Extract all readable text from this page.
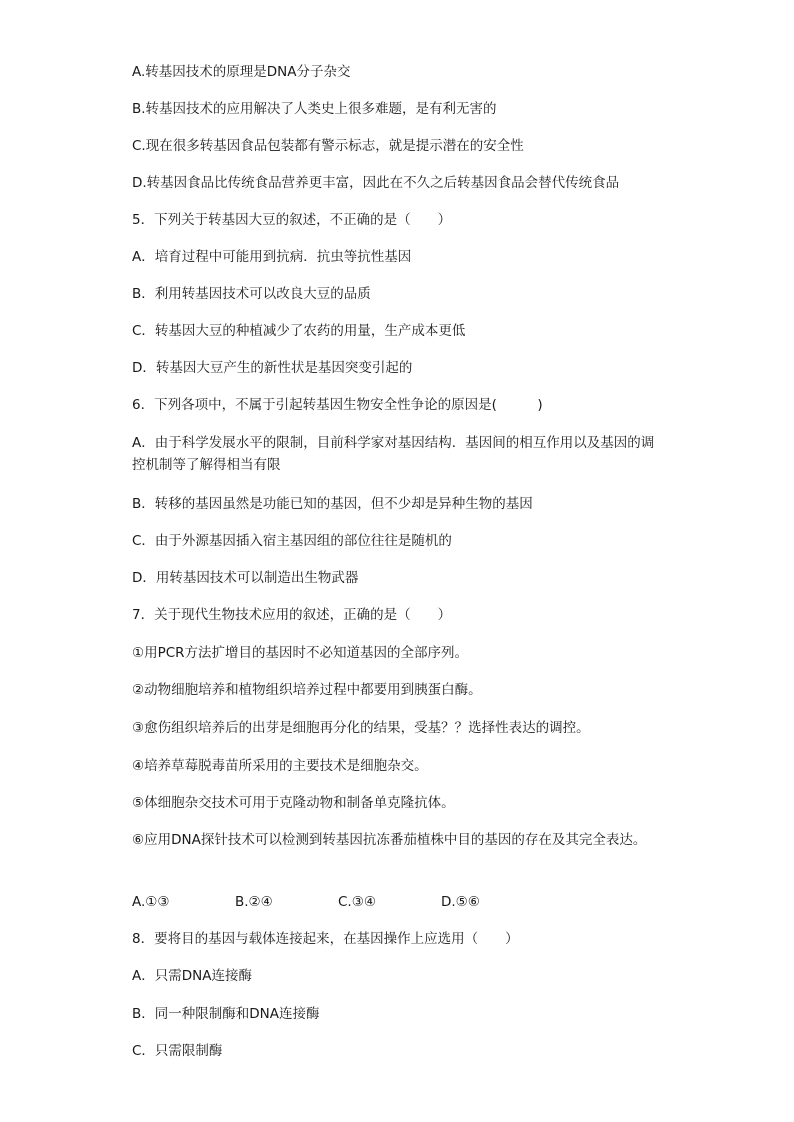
A.转基因技术的原理是DNA分子杂交
B.转基因技术的应用解决了人类史上很多难题，是有利无害的
C.现在很多转基因食品包装都有警示标志，就是提示潜在的安全性
D.转基因食品比传统食品营养更丰富，因此在不久之后转基因食品会替代传统食品
5．下列关于转基因大豆的叙述，不正确的是（　　）
A．培育过程中可能用到抗病．抗虫等抗性基因
B．利用转基因技术可以改良大豆的品质
C．转基因大豆的种植减少了农药的用量，生产成本更低
D．转基因大豆产生的新性状是基因突变引起的
6．下列各项中，不属于引起转基因生物安全性争论的原因是(　　　)
A．由于科学发展水平的限制，目前科学家对基因结构．基因间的相互作用以及基因的调控机制等了解得相当有限
B．转移的基因虽然是功能已知的基因，但不少却是异种生物的基因
C．由于外源基因插入宿主基因组的部位往往是随机的
D．用转基因技术可以制造出生物武器
7．关于现代生物技术应用的叙述，正确的是（　　）
①用PCR方法扩增目的基因时不必知道基因的全部序列。
②动物细胞培养和植物组织培养过程中都要用到胰蛋白酶。
③愈伤组织培养后的出芽是细胞再分化的结果，受基？？选择性表达的调控。
④培养草莓脱毒苗所采用的主要技术是细胞杂交。
⑤体细胞杂交技术可用于克隆动物和制备单克隆抗体。
⑥应用DNA探针技术可以检测到转基因抗冻番茄植株中目的基因的存在及其完全表达。
A.①③	B.②④	C.③④	D.⑤⑥
8．要将目的基因与载体连接起来，在基因操作上应选用（　　）
A．只需DNA连接酶
B．同一种限制酶和DNA连接酶
C．只需限制酶
